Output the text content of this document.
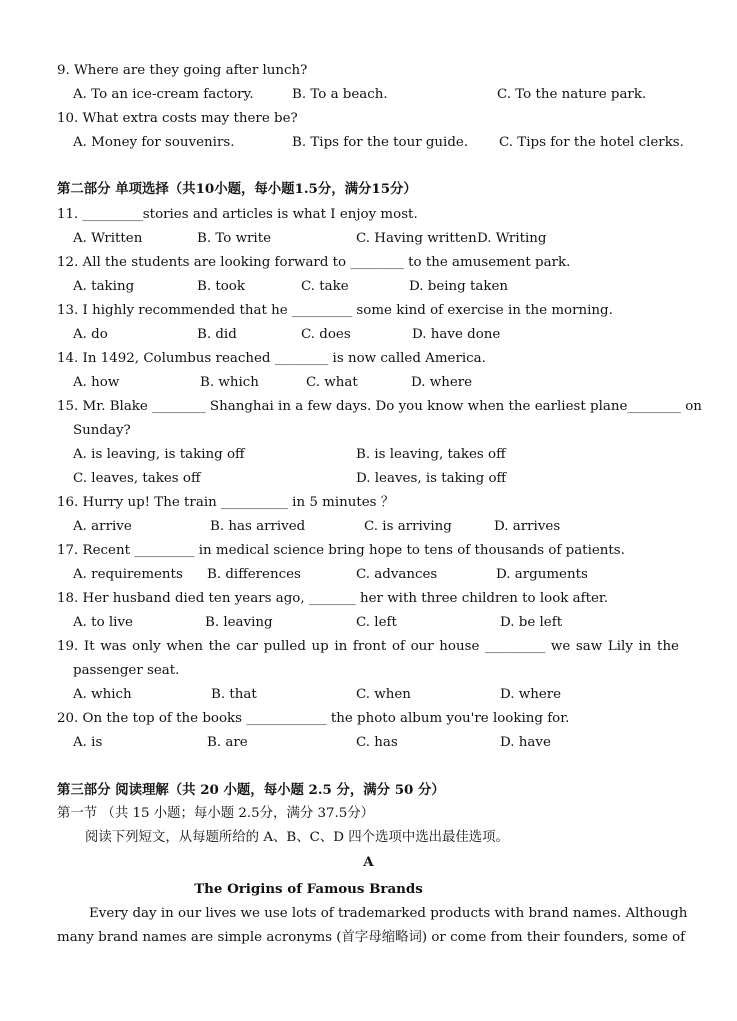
9. Where are they going after lunch?
A. To an ice-cream factory.	B. To a beach.	C. To the nature park.
10. What extra costs may there be?
A. Money for souvenirs.	B. Tips for the tour guide. C. Tips for the hotel clerks.
第二部分 单项选择（共10小题，每小题1.5分，满分15分）
11. _________stories and articles is what I enjoy most.
A. Written	B. To write	C. Having written D. Writing
12. All the students are looking forward to ________ to the amusement park.
A. taking	B. took	C. take	D. being taken
13. I highly recommended that he _________ some kind of exercise in the morning.
A. do	B. did	C. does	D. have done
14. In 1492, Columbus reached ________ is now called America.
A. how	B. which	C. what	D. where
15. Mr. Blake ________ Shanghai in a few days. Do you know when the earliest plane________ on
Sunday?
A. is leaving, is taking off	B. is leaving, takes off
C. leaves, takes off	D. leaves, is taking off
16. Hurry up! The train __________ in 5 minutes ？
A. arrive	B. has arrived	C. is arriving	D. arrives
17. Recent _________ in medical science bring hope to tens of thousands of patients.
A. requirements B. differences	C. advances	D. arguments
18. Her husband died ten years ago, _______ her with three children to look after.
A. to live	B. leaving	C. left	D. be left
19. It was only when the car pulled up in front of our house _________ we saw Lily in the
passenger seat.
A. which	B. that	C. when	D. where
20. On the top of the books ____________ the photo album you're looking for.
A. is	B. are	C. has	D. have
第三部分 阅读理解（共 20 小题，每小题 2.5 分，满分 50 分）
第一节 （共 15 小题；每小题 2.5分，满分 37.5分）
阅读下列短文，从每题所给的 A、B、C、D 四个选项中选出最佳选项。
A
The Origins of Famous Brands
Every day in our lives we use lots of trademarked products with brand names. Although
many brand names are simple acronyms (首字母缩略词) or come from their founders, some of
